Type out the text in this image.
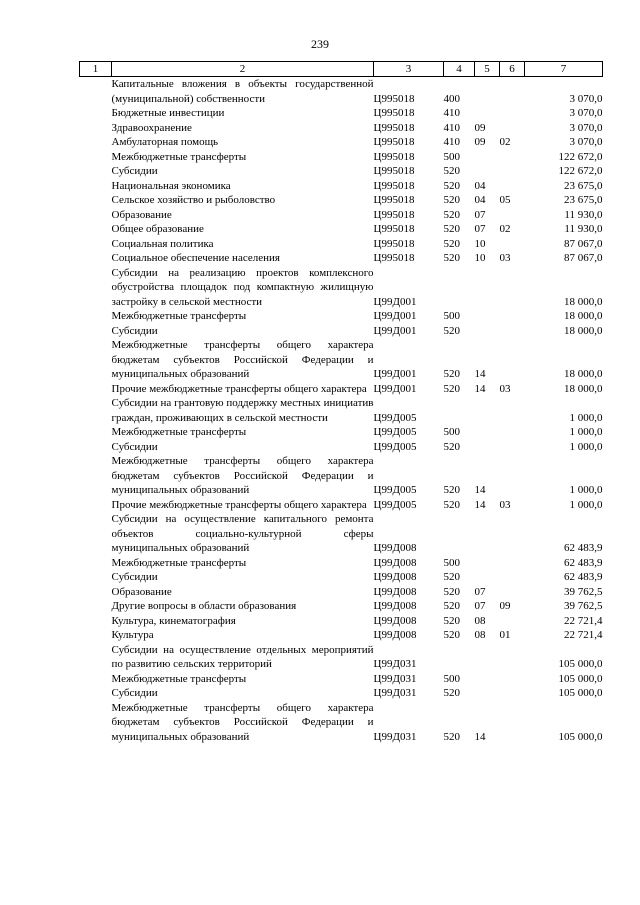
239
1	2	3	4	5	6	7
	Капитальные вложения в объекты государственной (муниципальной) собственности	Ц995018	400			3 070,0
	Бюджетные инвестиции	Ц995018	410			3 070,0
	Здравоохранение	Ц995018	410	09		3 070,0
	Амбулаторная помощь	Ц995018	410	09	02	3 070,0
	Межбюджетные трансферты	Ц995018	500			122 672,0
	Субсидии	Ц995018	520			122 672,0
	Национальная экономика	Ц995018	520	04		23 675,0
	Сельское хозяйство и рыболовство	Ц995018	520	04	05	23 675,0
	Образование	Ц995018	520	07		11 930,0
	Общее образование	Ц995018	520	07	02	11 930,0
	Социальная политика	Ц995018	520	10		87 067,0
	Социальное обеспечение населения	Ц995018	520	10	03	87 067,0
	Субсидии на реализацию проектов комплексного обустройства площадок под компактную жилищную застройку в сельской местности	Ц99Д001				18 000,0
	Межбюджетные трансферты	Ц99Д001	500			18 000,0
	Субсидии	Ц99Д001	520			18 000,0
	Межбюджетные трансферты общего характера бюджетам субъектов Российской Федерации и муниципальных образований	Ц99Д001	520	14		18 000,0
	Прочие межбюджетные трансферты общего характера	Ц99Д001	520	14	03	18 000,0
	Субсидии на грантовую поддержку местных инициатив граждан, проживающих в сельской местности	Ц99Д005				1 000,0
	Межбюджетные трансферты	Ц99Д005	500			1 000,0
	Субсидии	Ц99Д005	520			1 000,0
	Межбюджетные трансферты общего характера бюджетам субъектов Российской Федерации и муниципальных образований	Ц99Д005	520	14		1 000,0
	Прочие межбюджетные трансферты общего характера	Ц99Д005	520	14	03	1 000,0
	Субсидии на осуществление капитального ремонта объектов социально-культурной сферы муниципальных образований	Ц99Д008				62 483,9
	Межбюджетные трансферты	Ц99Д008	500			62 483,9
	Субсидии	Ц99Д008	520			62 483,9
	Образование	Ц99Д008	520	07		39 762,5
	Другие вопросы в области образования	Ц99Д008	520	07	09	39 762,5
	Культура, кинематография	Ц99Д008	520	08		22 721,4
	Культура	Ц99Д008	520	08	01	22 721,4
	Субсидии на осуществление отдельных мероприятий по развитию сельских территорий	Ц99Д031				105 000,0
	Межбюджетные трансферты	Ц99Д031	500			105 000,0
	Субсидии	Ц99Д031	520			105 000,0
	Межбюджетные трансферты общего характера бюджетам субъектов Российской Федерации и муниципальных образований	Ц99Д031	520	14		105 000,0
